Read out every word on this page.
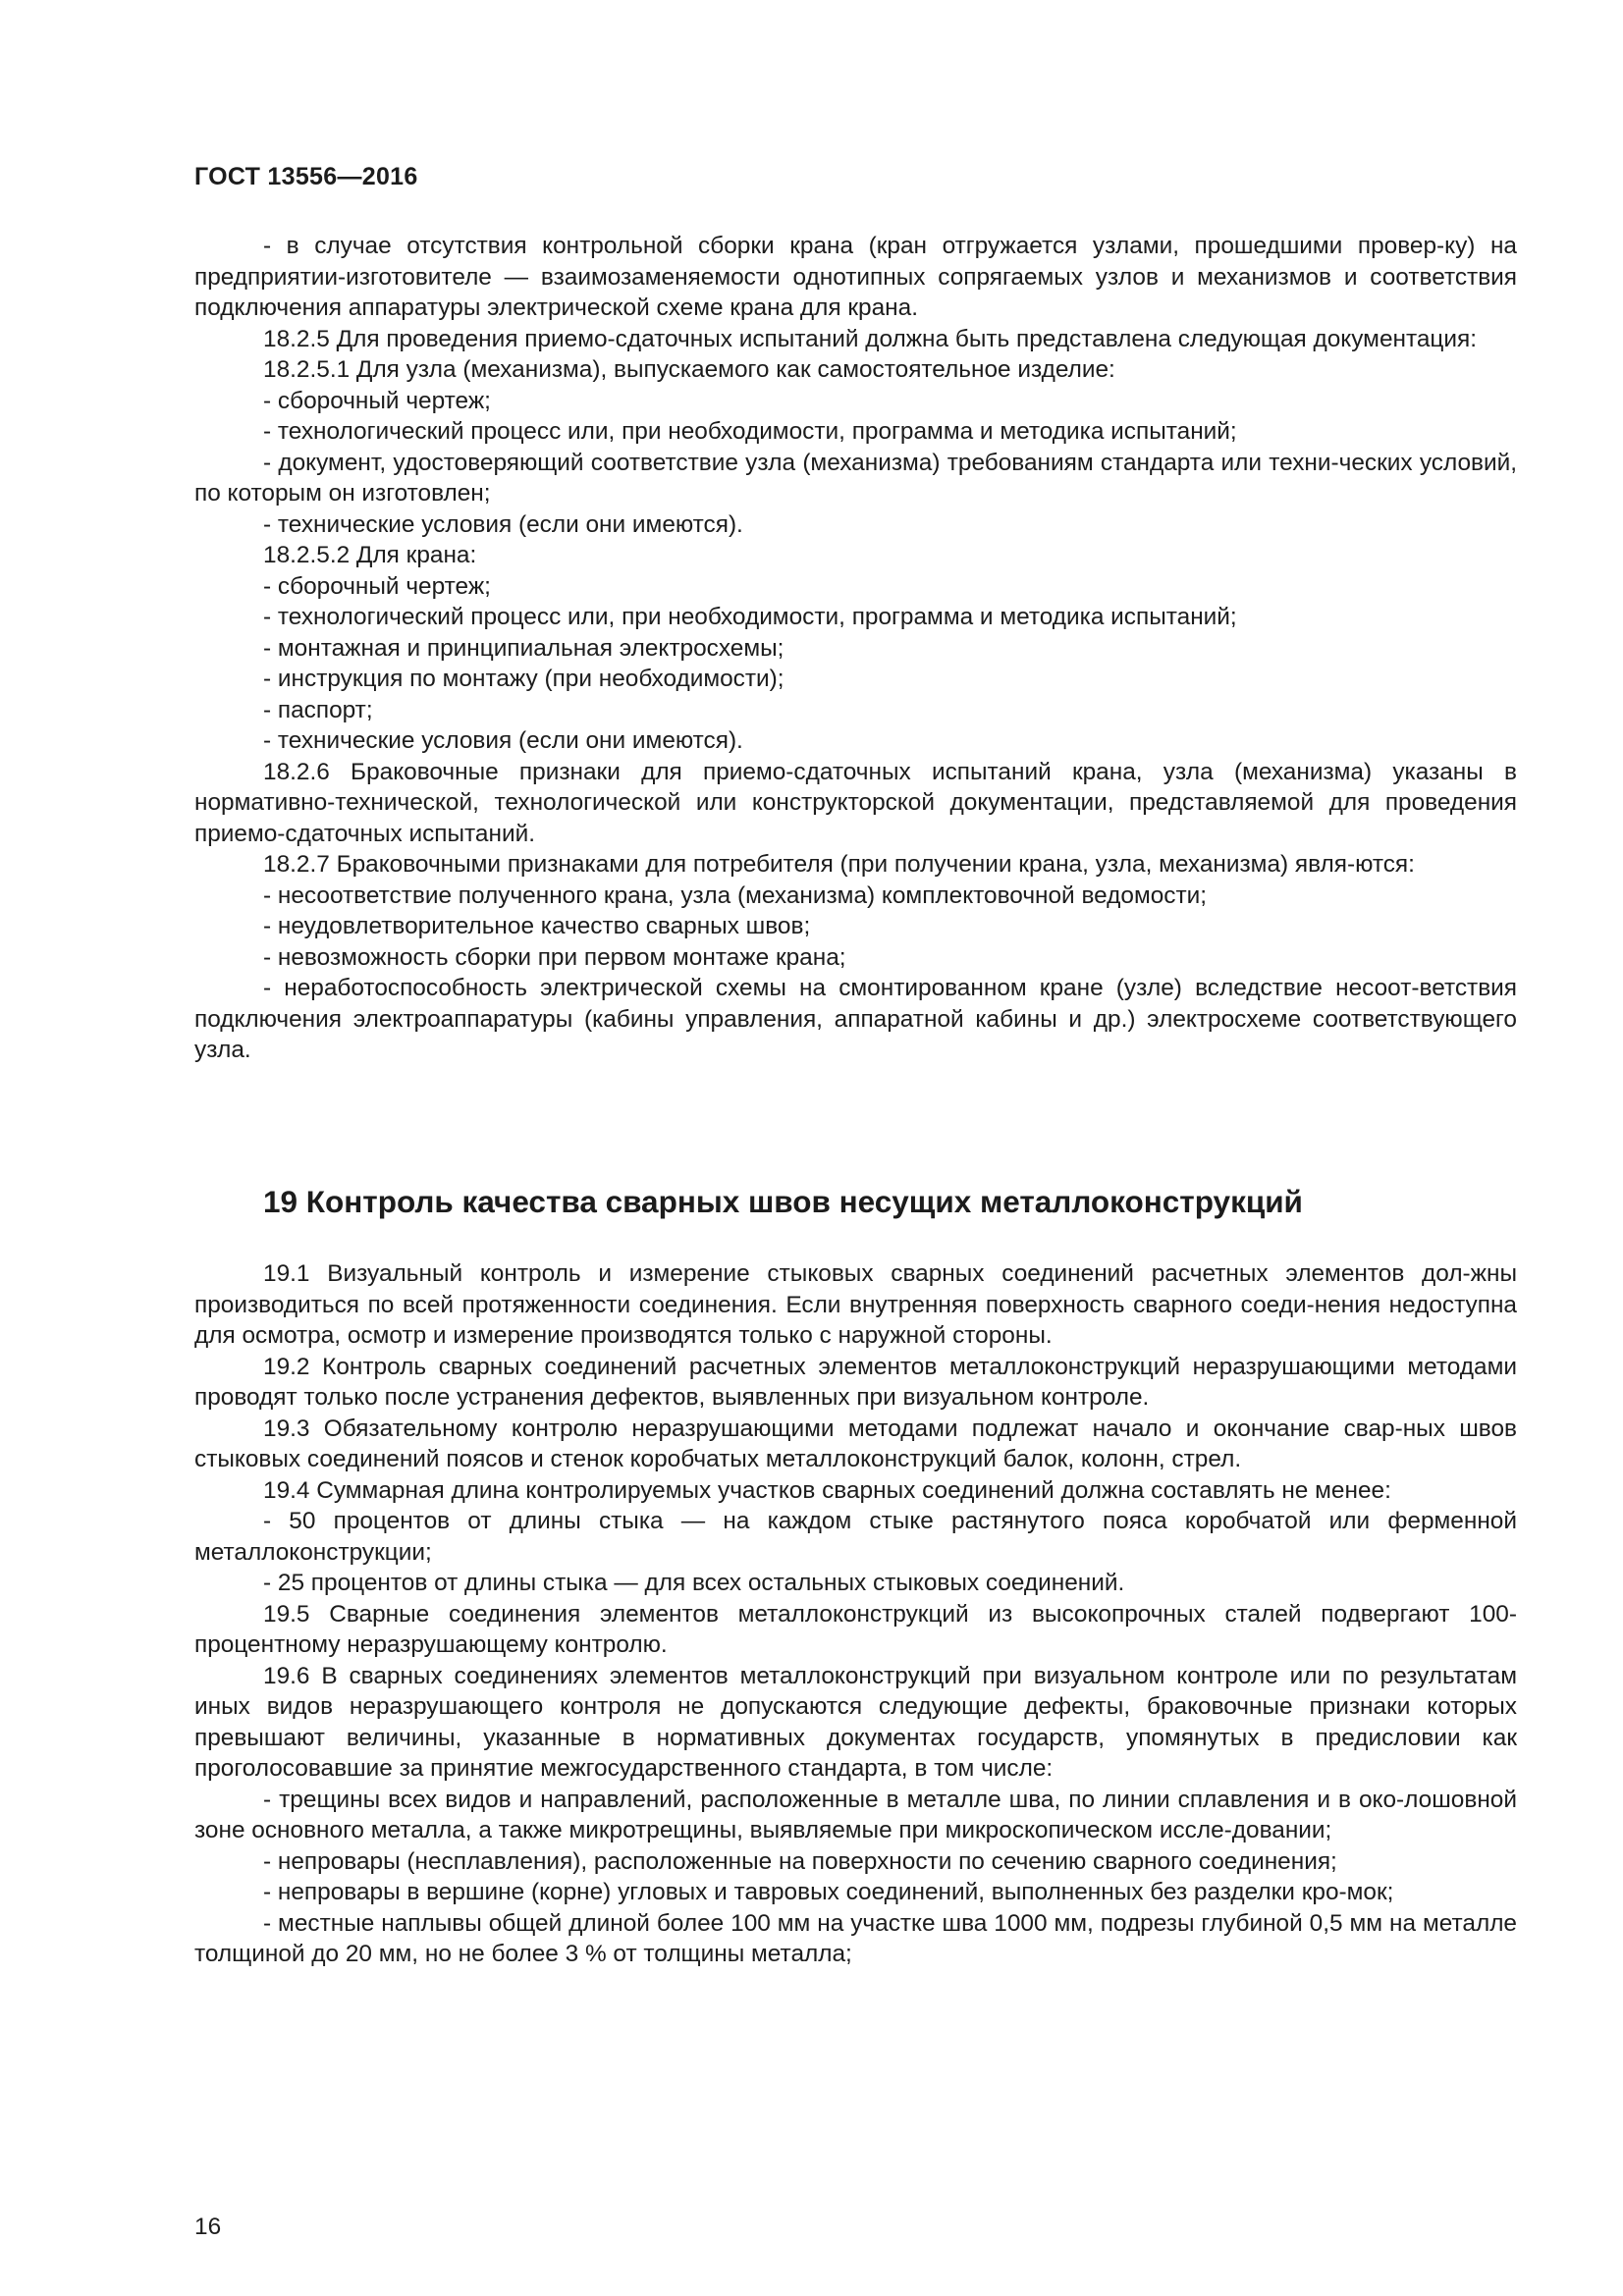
ГОСТ 13556—2016

- в случае отсутствия контрольной сборки крана (кран отгружается узлами, прошедшими провер-ку) на предприятии-изготовителе — взаимозаменяемости однотипных сопрягаемых узлов и механизмов и соответствия подключения аппаратуры электрической схеме крана для крана.

18.2.5 Для проведения приемо-сдаточных испытаний должна быть представлена следующая документация:

18.2.5.1 Для узла (механизма), выпускаемого как самостоятельное изделие:

- сборочный чертеж;

- технологический процесс или, при необходимости, программа и методика испытаний;

- документ, удостоверяющий соответствие узла (механизма) требованиям стандарта или техни-ческих условий, по которым он изготовлен;

- технические условия (если они имеются).

18.2.5.2 Для крана:

- сборочный чертеж;

- технологический процесс или, при необходимости, программа и методика испытаний;

- монтажная и принципиальная электросхемы;

- инструкция по монтажу (при необходимости);

- паспорт;

- технические условия (если они имеются).

18.2.6 Браковочные признаки для приемо-сдаточных испытаний крана, узла (механизма) указаны в нормативно-технической, технологической или конструкторской документации, представляемой для проведения приемо-сдаточных испытаний.

18.2.7 Браковочными признаками для потребителя (при получении крана, узла, механизма) явля-ются:

- несоответствие полученного крана, узла (механизма) комплектовочной ведомости;

- неудовлетворительное качество сварных швов;

- невозможность сборки при первом монтаже крана;

- неработоспособность электрической схемы на смонтированном кране (узле) вследствие несоот-ветствия подключения электроаппаратуры (кабины управления, аппаратной кабины и др.) электросхеме соответствующего узла.

19 Контроль качества сварных швов несущих металлоконструкций

19.1 Визуальный контроль и измерение стыковых сварных соединений расчетных элементов дол-жны производиться по всей протяженности соединения. Если внутренняя поверхность сварного соеди-нения недоступна для осмотра, осмотр и измерение производятся только с наружной стороны.

19.2 Контроль сварных соединений расчетных элементов металлоконструкций неразрушающими методами проводят только после устранения дефектов, выявленных при визуальном контроле.

19.3 Обязательному контролю неразрушающими методами подлежат начало и окончание свар-ных швов стыковых соединений поясов и стенок коробчатых металлоконструкций балок, колонн, стрел.

19.4 Суммарная длина контролируемых участков сварных соединений должна составлять не менее:

- 50 процентов от длины стыка — на каждом стыке растянутого пояса коробчатой или ферменной металлоконструкции;

- 25 процентов от длины стыка — для всех остальных стыковых соединений.

19.5 Сварные соединения элементов металлоконструкций из высокопрочных сталей подвергают 100-процентному неразрушающему контролю.

19.6 В сварных соединениях элементов металлоконструкций при визуальном контроле или по результатам иных видов неразрушающего контроля не допускаются следующие дефекты, браковочные признаки которых превышают величины, указанные в нормативных документах государств, упомянутых в предисловии как проголосовавшие за принятие межгосударственного стандарта, в том числе:

- трещины всех видов и направлений, расположенные в металле шва, по линии сплавления и в око-лошовной зоне основного металла, а также микротрещины, выявляемые при микроскопическом иссле-довании;

- непровары (несплавления), расположенные на поверхности по сечению сварного соединения;

- непровары в вершине (корне) угловых и тавровых соединений, выполненных без разделки кро-мок;

- местные наплывы общей длиной более 100 мм на участке шва 1000 мм, подрезы глубиной 0,5 мм на металле толщиной до 20 мм, но не более 3 % от толщины металла;

16
